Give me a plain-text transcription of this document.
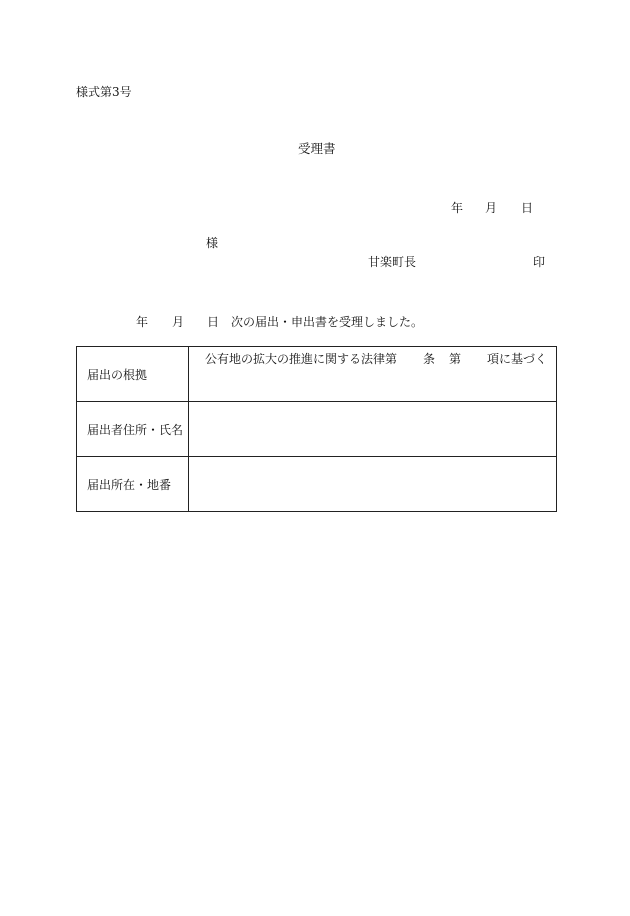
様式第3号
受理書
年 月 日
様
甘楽町長	印
年 月 日 次の届出・申出書を受理しました。
届出の根拠	公有地の拡大の推進に関する法律第 条 第 項に基づく

届出者住所・氏名	
届出所在・地番	
